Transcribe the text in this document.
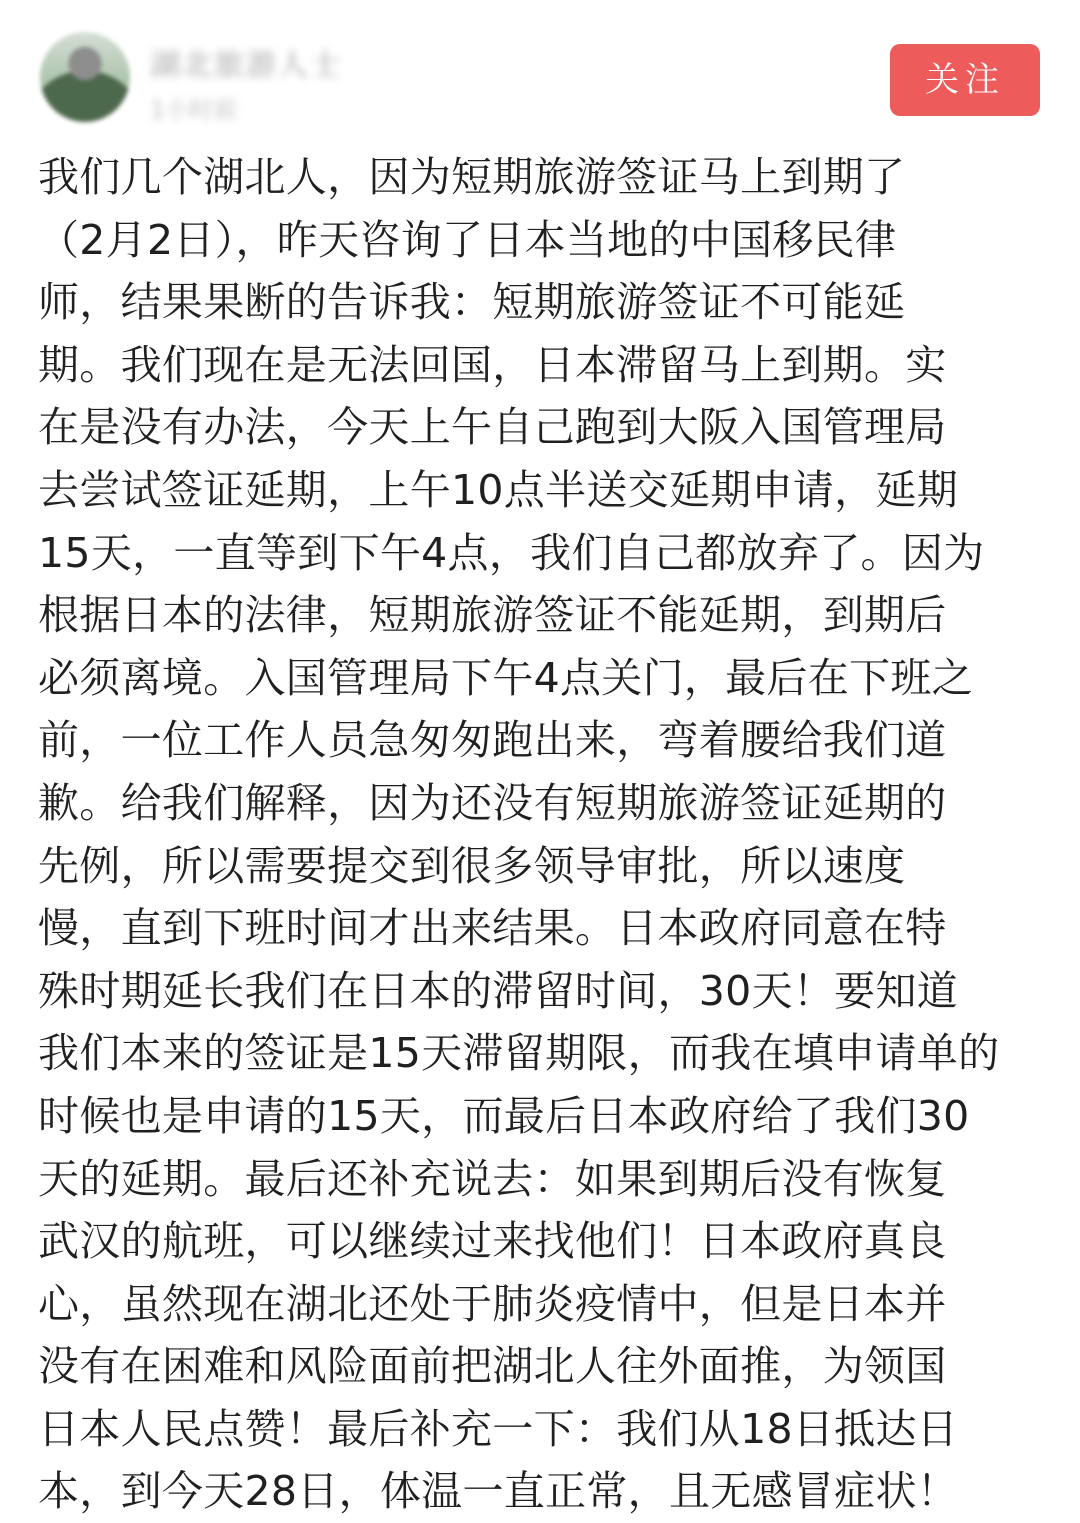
湖北旅游人士
1小时前
关注

我们几个湖北人，因为短期旅游签证马上到期了
（2月2日），昨天咨询了日本当地的中国移民律
师，结果果断的告诉我：短期旅游签证不可能延
期。我们现在是无法回国，日本滞留马上到期。实
在是没有办法，今天上午自己跑到大阪入国管理局
去尝试签证延期，上午10点半送交延期申请，延期
15天，一直等到下午4点，我们自己都放弃了。因为
根据日本的法律，短期旅游签证不能延期，到期后
必须离境。入国管理局下午4点关门，最后在下班之
前，一位工作人员急匆匆跑出来，弯着腰给我们道
歉。给我们解释，因为还没有短期旅游签证延期的
先例，所以需要提交到很多领导审批，所以速度
慢，直到下班时间才出来结果。日本政府同意在特
殊时期延长我们在日本的滞留时间，30天！要知道
我们本来的签证是15天滞留期限，而我在填申请单的
时候也是申请的15天，而最后日本政府给了我们30
天的延期。最后还补充说去：如果到期后没有恢复
武汉的航班，可以继续过来找他们！日本政府真良
心，虽然现在湖北还处于肺炎疫情中，但是日本并
没有在困难和风险面前把湖北人往外面推，为领国
日本人民点赞！最后补充一下：我们从18日抵达日
本，到今天28日，体温一直正常，且无感冒症状！
